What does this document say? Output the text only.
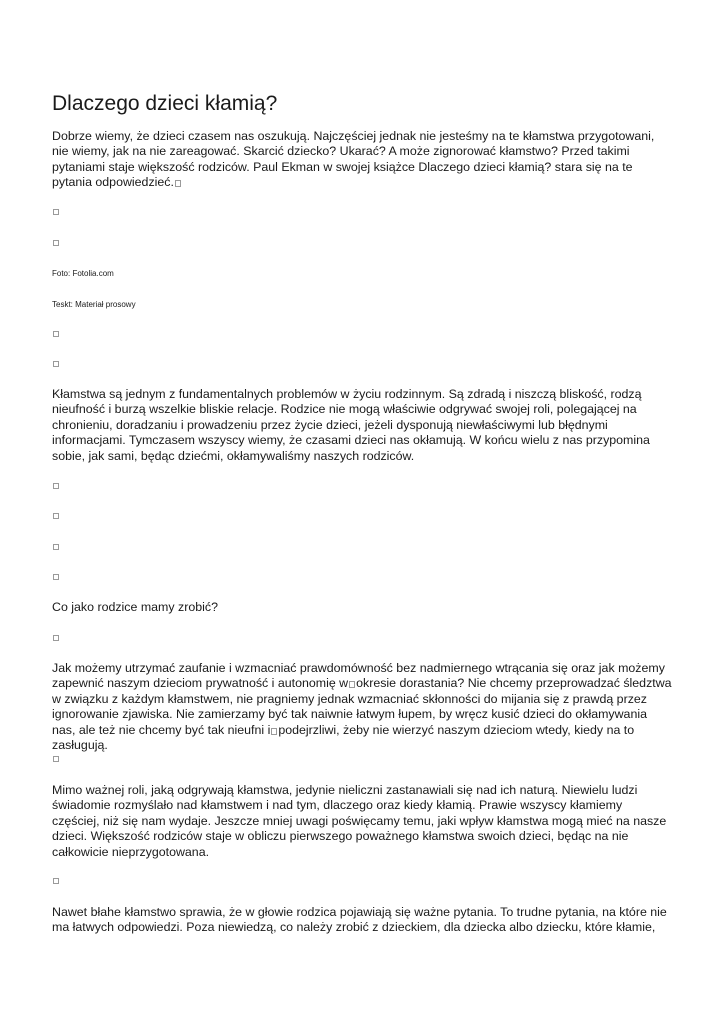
Dlaczego dzieci kłamią?

Dobrze wiemy, że dzieci czasem nas oszukują. Najczęściej jednak nie jesteśmy na te kłamstwa przygotowani, nie wiemy, jak na nie zareagować. Skarcić dziecko? Ukarać? A może zignorować kłamstwo? Przed takimi pytaniami staje większość rodziców. Paul Ekman w swojej książce Dlaczego dzieci kłamią? stara się na te pytania odpowiedzieć.

Foto: Fotolia.com

Teskt: Materiał prosowy

Kłamstwa są jednym z fundamentalnych problemów w życiu rodzinnym. Są zdradą i niszczą bliskość, rodzą nieufność i burzą wszelkie bliskie relacje. Rodzice nie mogą właściwie odgrywać swojej roli, polegającej na chronieniu, doradzaniu i prowadzeniu przez życie dzieci, jeżeli dysponują niewłaściwymi lub błędnymi informacjami. Tymczasem wszyscy wiemy, że czasami dzieci nas okłamują. W końcu wielu z nas przypomina sobie, jak sami, będąc dziećmi, okłamywaliśmy naszych rodziców.

Co jako rodzice mamy zrobić?

Jak możemy utrzymać zaufanie i wzmacniać prawdomówność bez nadmiernego wtrącania się oraz jak możemy zapewnić naszym dzieciom prywatność i autonomię w okresie dorastania? Nie chcemy przeprowadzać śledztwa w związku z każdym kłamstwem, nie pragniemy jednak wzmacniać skłonności do mijania się z prawdą przez ignorowanie zjawiska. Nie zamierzamy być tak naiwnie łatwym łupem, by wręcz kusić dzieci do okłamywania nas, ale też nie chcemy być tak nieufni i podejrzliwi, żeby nie wierzyć naszym dzieciom wtedy, kiedy na to zasługują.

Mimo ważnej roli, jaką odgrywają kłamstwa, jedynie nieliczni zastanawiali się nad ich naturą. Niewielu ludzi świadomie rozmyślało nad kłamstwem i nad tym, dlaczego oraz kiedy kłamią. Prawie wszyscy kłamiemy częściej, niż się nam wydaje. Jeszcze mniej uwagi poświęcamy temu, jaki wpływ kłamstwa mogą mieć na nasze dzieci. Większość rodziców staje w obliczu pierwszego poważnego kłamstwa swoich dzieci, będąc na nie całkowicie nieprzygotowana.

Nawet błahe kłamstwo sprawia, że w głowie rodzica pojawiają się ważne pytania. To trudne pytania, na które nie ma łatwych odpowiedzi. Poza niewiedzą, co należy zrobić z dzieckiem, dla dziecka albo dziecku, które kłamie,
